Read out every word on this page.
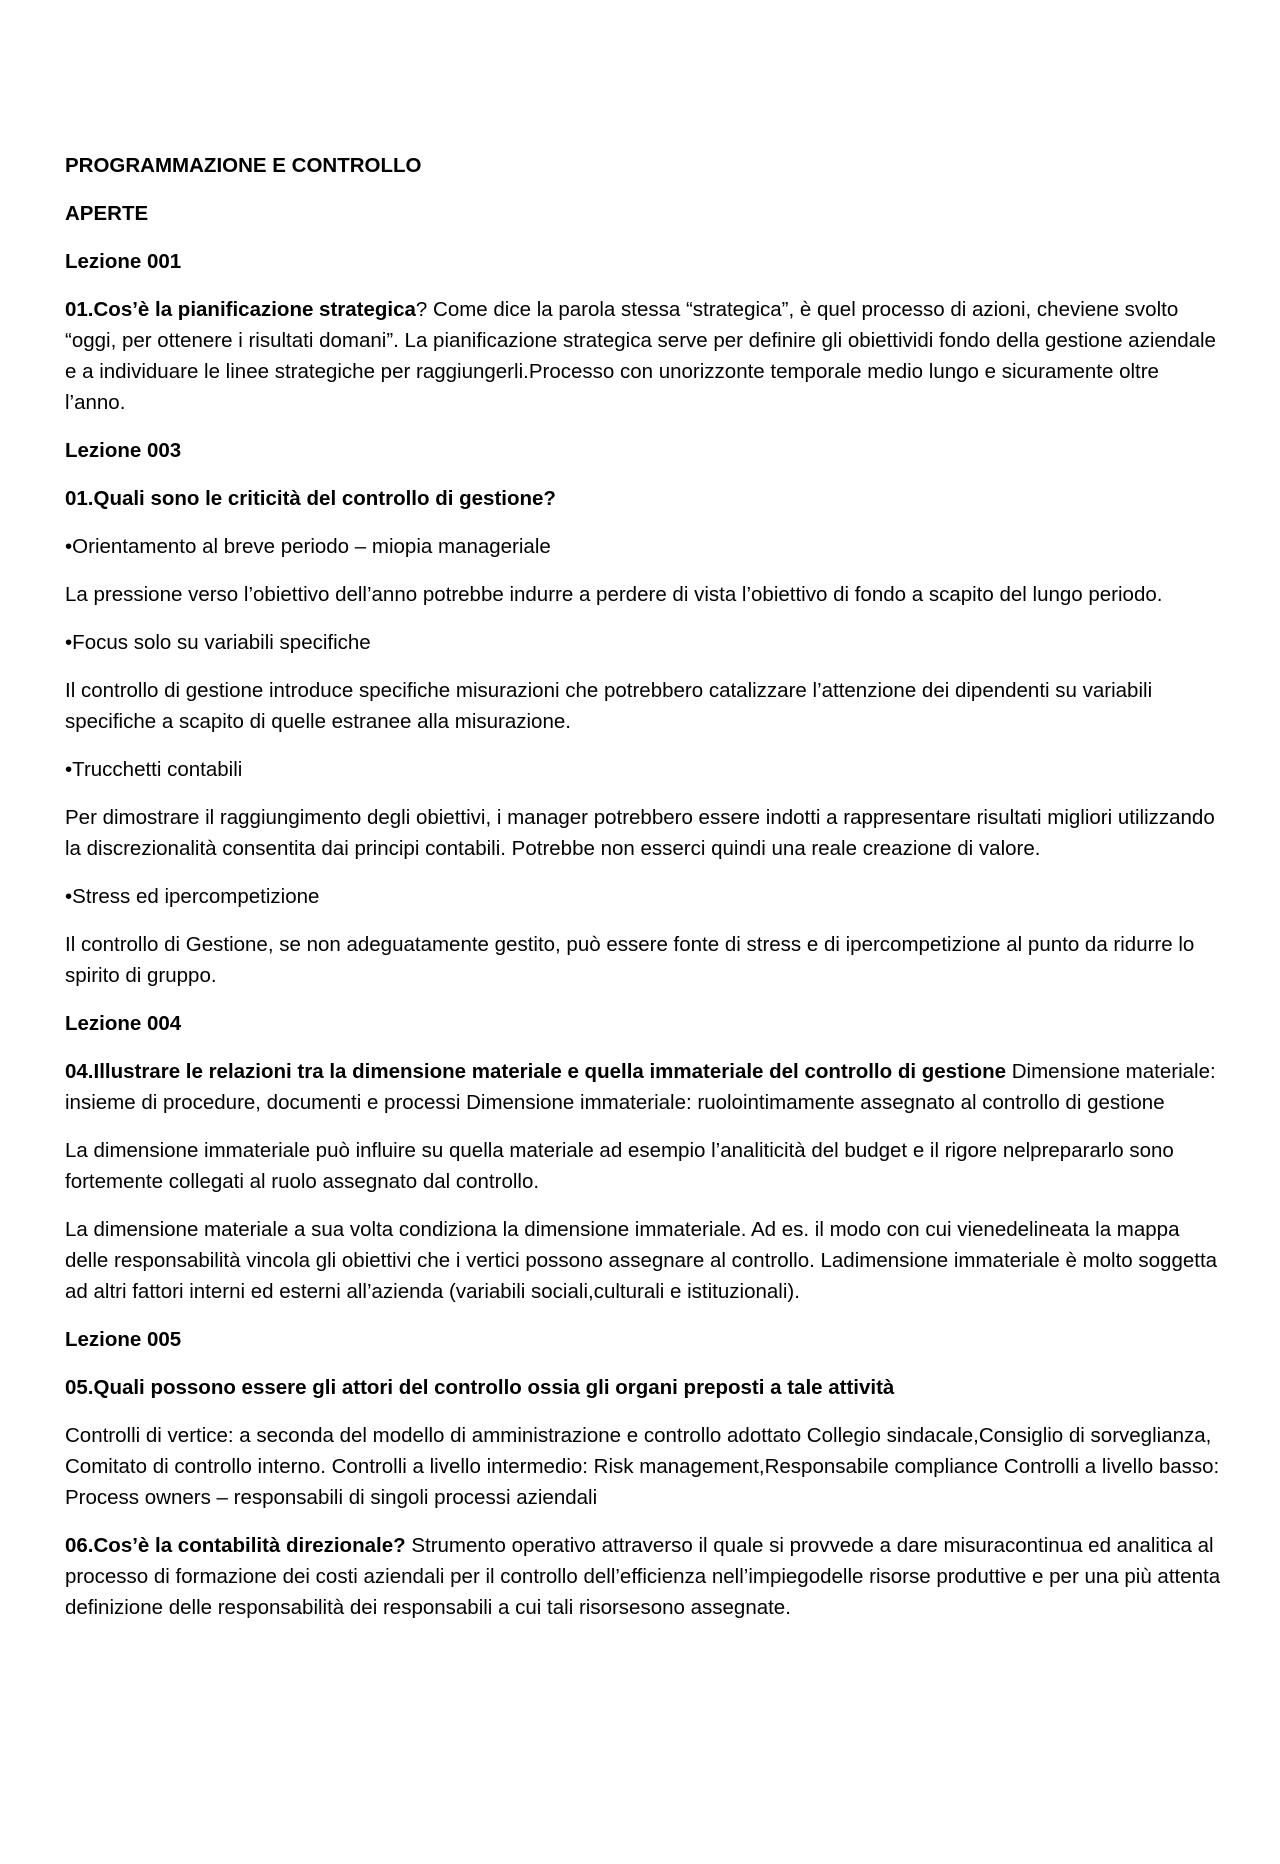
PROGRAMMAZIONE E CONTROLLO

APERTE

Lezione 001

01.Cos’è la pianificazione strategica? Come dice la parola stessa “strategica”, è quel processo di azioni, cheviene svolto “oggi, per ottenere i risultati domani”. La pianificazione strategica serve per definire gli obiettividi fondo della gestione aziendale e a individuare le linee strategiche per raggiungerli.Processo con unorizzonte temporale medio lungo e sicuramente oltre l’anno.

Lezione 003

01.Quali sono le criticità del controllo di gestione?

•Orientamento al breve periodo – miopia manageriale

La pressione verso l’obiettivo dell’anno potrebbe indurre a perdere di vista l’obiettivo di fondo a scapito del lungo periodo.

•Focus solo su variabili specifiche

Il controllo di gestione introduce specifiche misurazioni che potrebbero catalizzare l’attenzione dei dipendenti su variabili specifiche a scapito di quelle estranee alla misurazione.

•Trucchetti contabili

Per dimostrare il raggiungimento degli obiettivi, i manager potrebbero essere indotti a rappresentare risultati migliori utilizzando la discrezionalità consentita dai principi contabili. Potrebbe non esserci quindi una reale creazione di valore.

•Stress ed ipercompetizione

Il controllo di Gestione, se non adeguatamente gestito, può essere fonte di stress e di ipercompetizione al punto da ridurre lo spirito di gruppo.

Lezione 004

04.Illustrare le relazioni tra la dimensione materiale e quella immateriale del controllo di gestione Dimensione materiale: insieme di procedure, documenti e processi Dimensione immateriale: ruolointimamente assegnato al controllo di gestione

La dimensione immateriale può influire su quella materiale ad esempio l’analiticità del budget e il rigore nelprepararlo sono fortemente collegati al ruolo assegnato dal controllo.

La dimensione materiale a sua volta condiziona la dimensione immateriale. Ad es. il modo con cui vienedelineata la mappa delle responsabilità vincola gli obiettivi che i vertici possono assegnare al controllo. Ladimensione immateriale è molto soggetta ad altri fattori interni ed esterni all’azienda (variabili sociali,culturali e istituzionali).

Lezione 005

05.Quali possono essere gli attori del controllo ossia gli organi preposti a tale attività

Controlli di vertice: a seconda del modello di amministrazione e controllo adottato Collegio sindacale,Consiglio di sorveglianza, Comitato di controllo interno. Controlli a livello intermedio: Risk management,Responsabile compliance Controlli a livello basso: Process owners – responsabili di singoli processi aziendali

06.Cos’è la contabilità direzionale? Strumento operativo attraverso il quale si provvede a dare misuracontinua ed analitica al processo di formazione dei costi aziendali per il controllo dell’efficienza nell’impiegodelle risorse produttive e per una più attenta definizione delle responsabilità dei responsabili a cui tali risorsesono assegnate.
